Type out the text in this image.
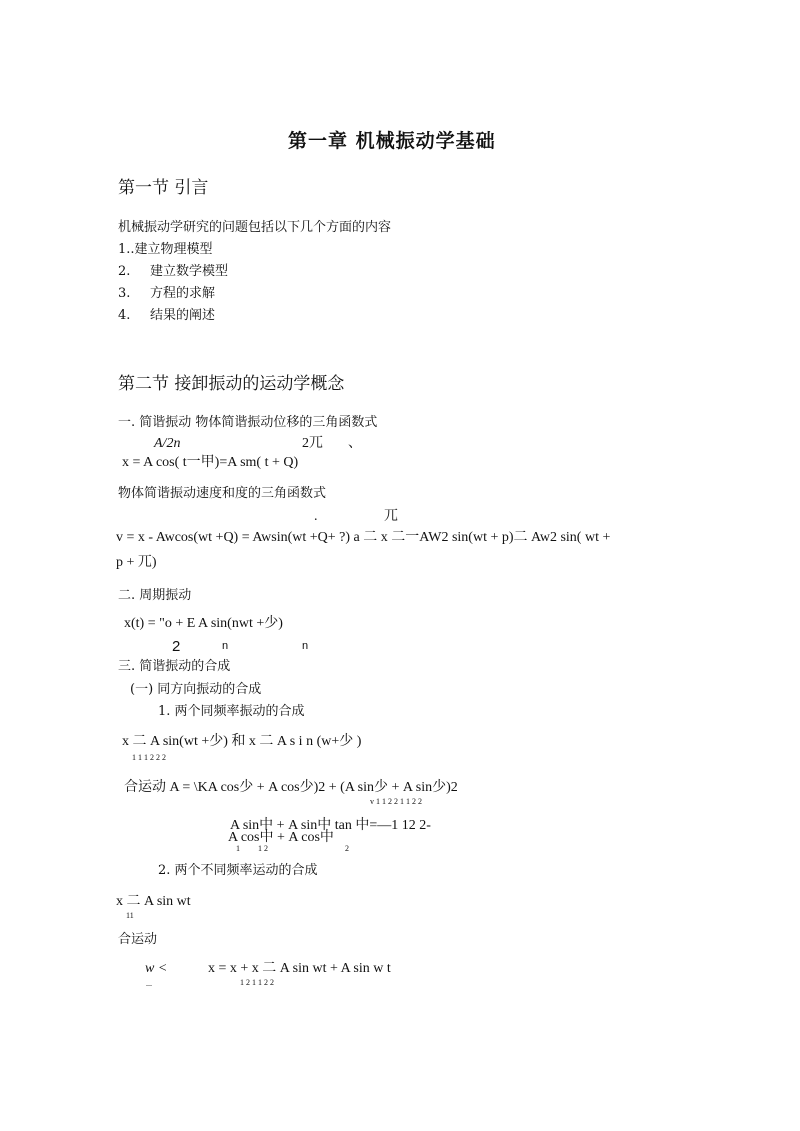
第一章 机械振动学基础
第一节 引言
机械振动学研究的问题包括以下几个方面的内容
1..建立物理模型
2. 建立数学模型
3. 方程的求解
4. 结果的阐述
第二节 接卸振动的运动学概念
一. 简谐振动 物体简谐振动位移的三角函数式
A/2n	2兀 、
x = A cos( t一甲)=A sm( t + Q)
物体简谐振动速度和度的三角函数式
.	兀
v = x - Awcos(wt +Q) = Awsin(wt +Q+ ?) a 二 x 二一AW2 sin(wt + p)二 Aw2 sin( wt +
p + 兀)
二. 周期振动
x(t) = "o + E A sin(nwt +少)
2	n	n
三. 简谐振动的合成
(一) 同方向振动的合成
1. 两个同频率振动的合成
x 二 A sin(wt +少) 和 x 二 A s i n (w+少 )
1 1 1 2 2 2
合运动 A = \KA cos少 + A cos少)2 + (A sin少 + A sin少)2
v 1 1 2 2 1 1 2 2
A sin中 + A sin中 tan 中=—1 12 2-
A cos中 + A cos中
1 1 2	2
2. 两个不同频率运动的合成
x 二 A sin wt
11
合运动
w <
...
x = x + x 二 A sin wt + A sin w t
1 2 1 1 2 2
